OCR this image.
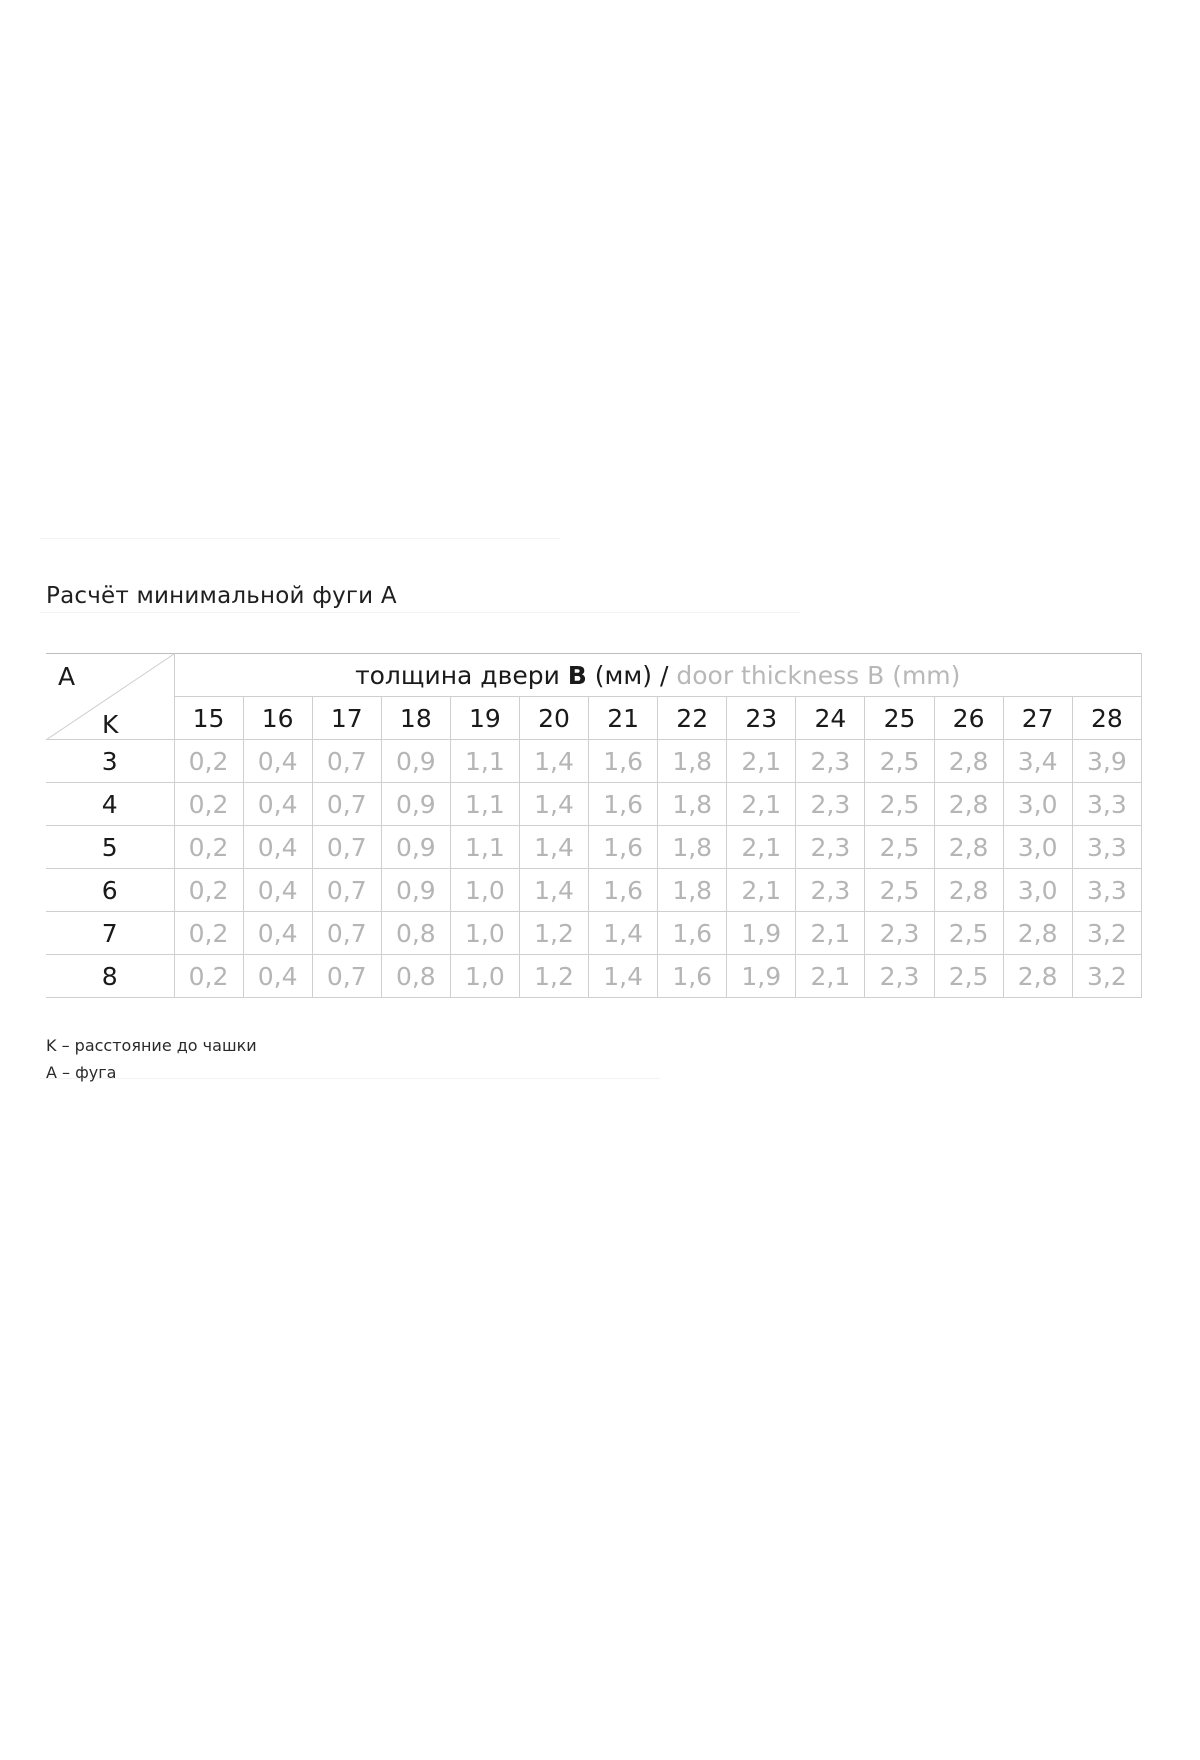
Расчёт минимальной фуги А
А
K	толщина двери B (мм) / door thickness B (mm)													
	15	16	17	18	19	20	21	22	23	24	25	26	27	28
3	0,2	0,4	0,7	0,9	1,1	1,4	1,6	1,8	2,1	2,3	2,5	2,8	3,4	3,9
4	0,2	0,4	0,7	0,9	1,1	1,4	1,6	1,8	2,1	2,3	2,5	2,8	3,0	3,3
5	0,2	0,4	0,7	0,9	1,1	1,4	1,6	1,8	2,1	2,3	2,5	2,8	3,0	3,3
6	0,2	0,4	0,7	0,9	1,0	1,4	1,6	1,8	2,1	2,3	2,5	2,8	3,0	3,3
7	0,2	0,4	0,7	0,8	1,0	1,2	1,4	1,6	1,9	2,1	2,3	2,5	2,8	3,2
8	0,2	0,4	0,7	0,8	1,0	1,2	1,4	1,6	1,9	2,1	2,3	2,5	2,8	3,2
K – расстояние до чашки
А – фуга
